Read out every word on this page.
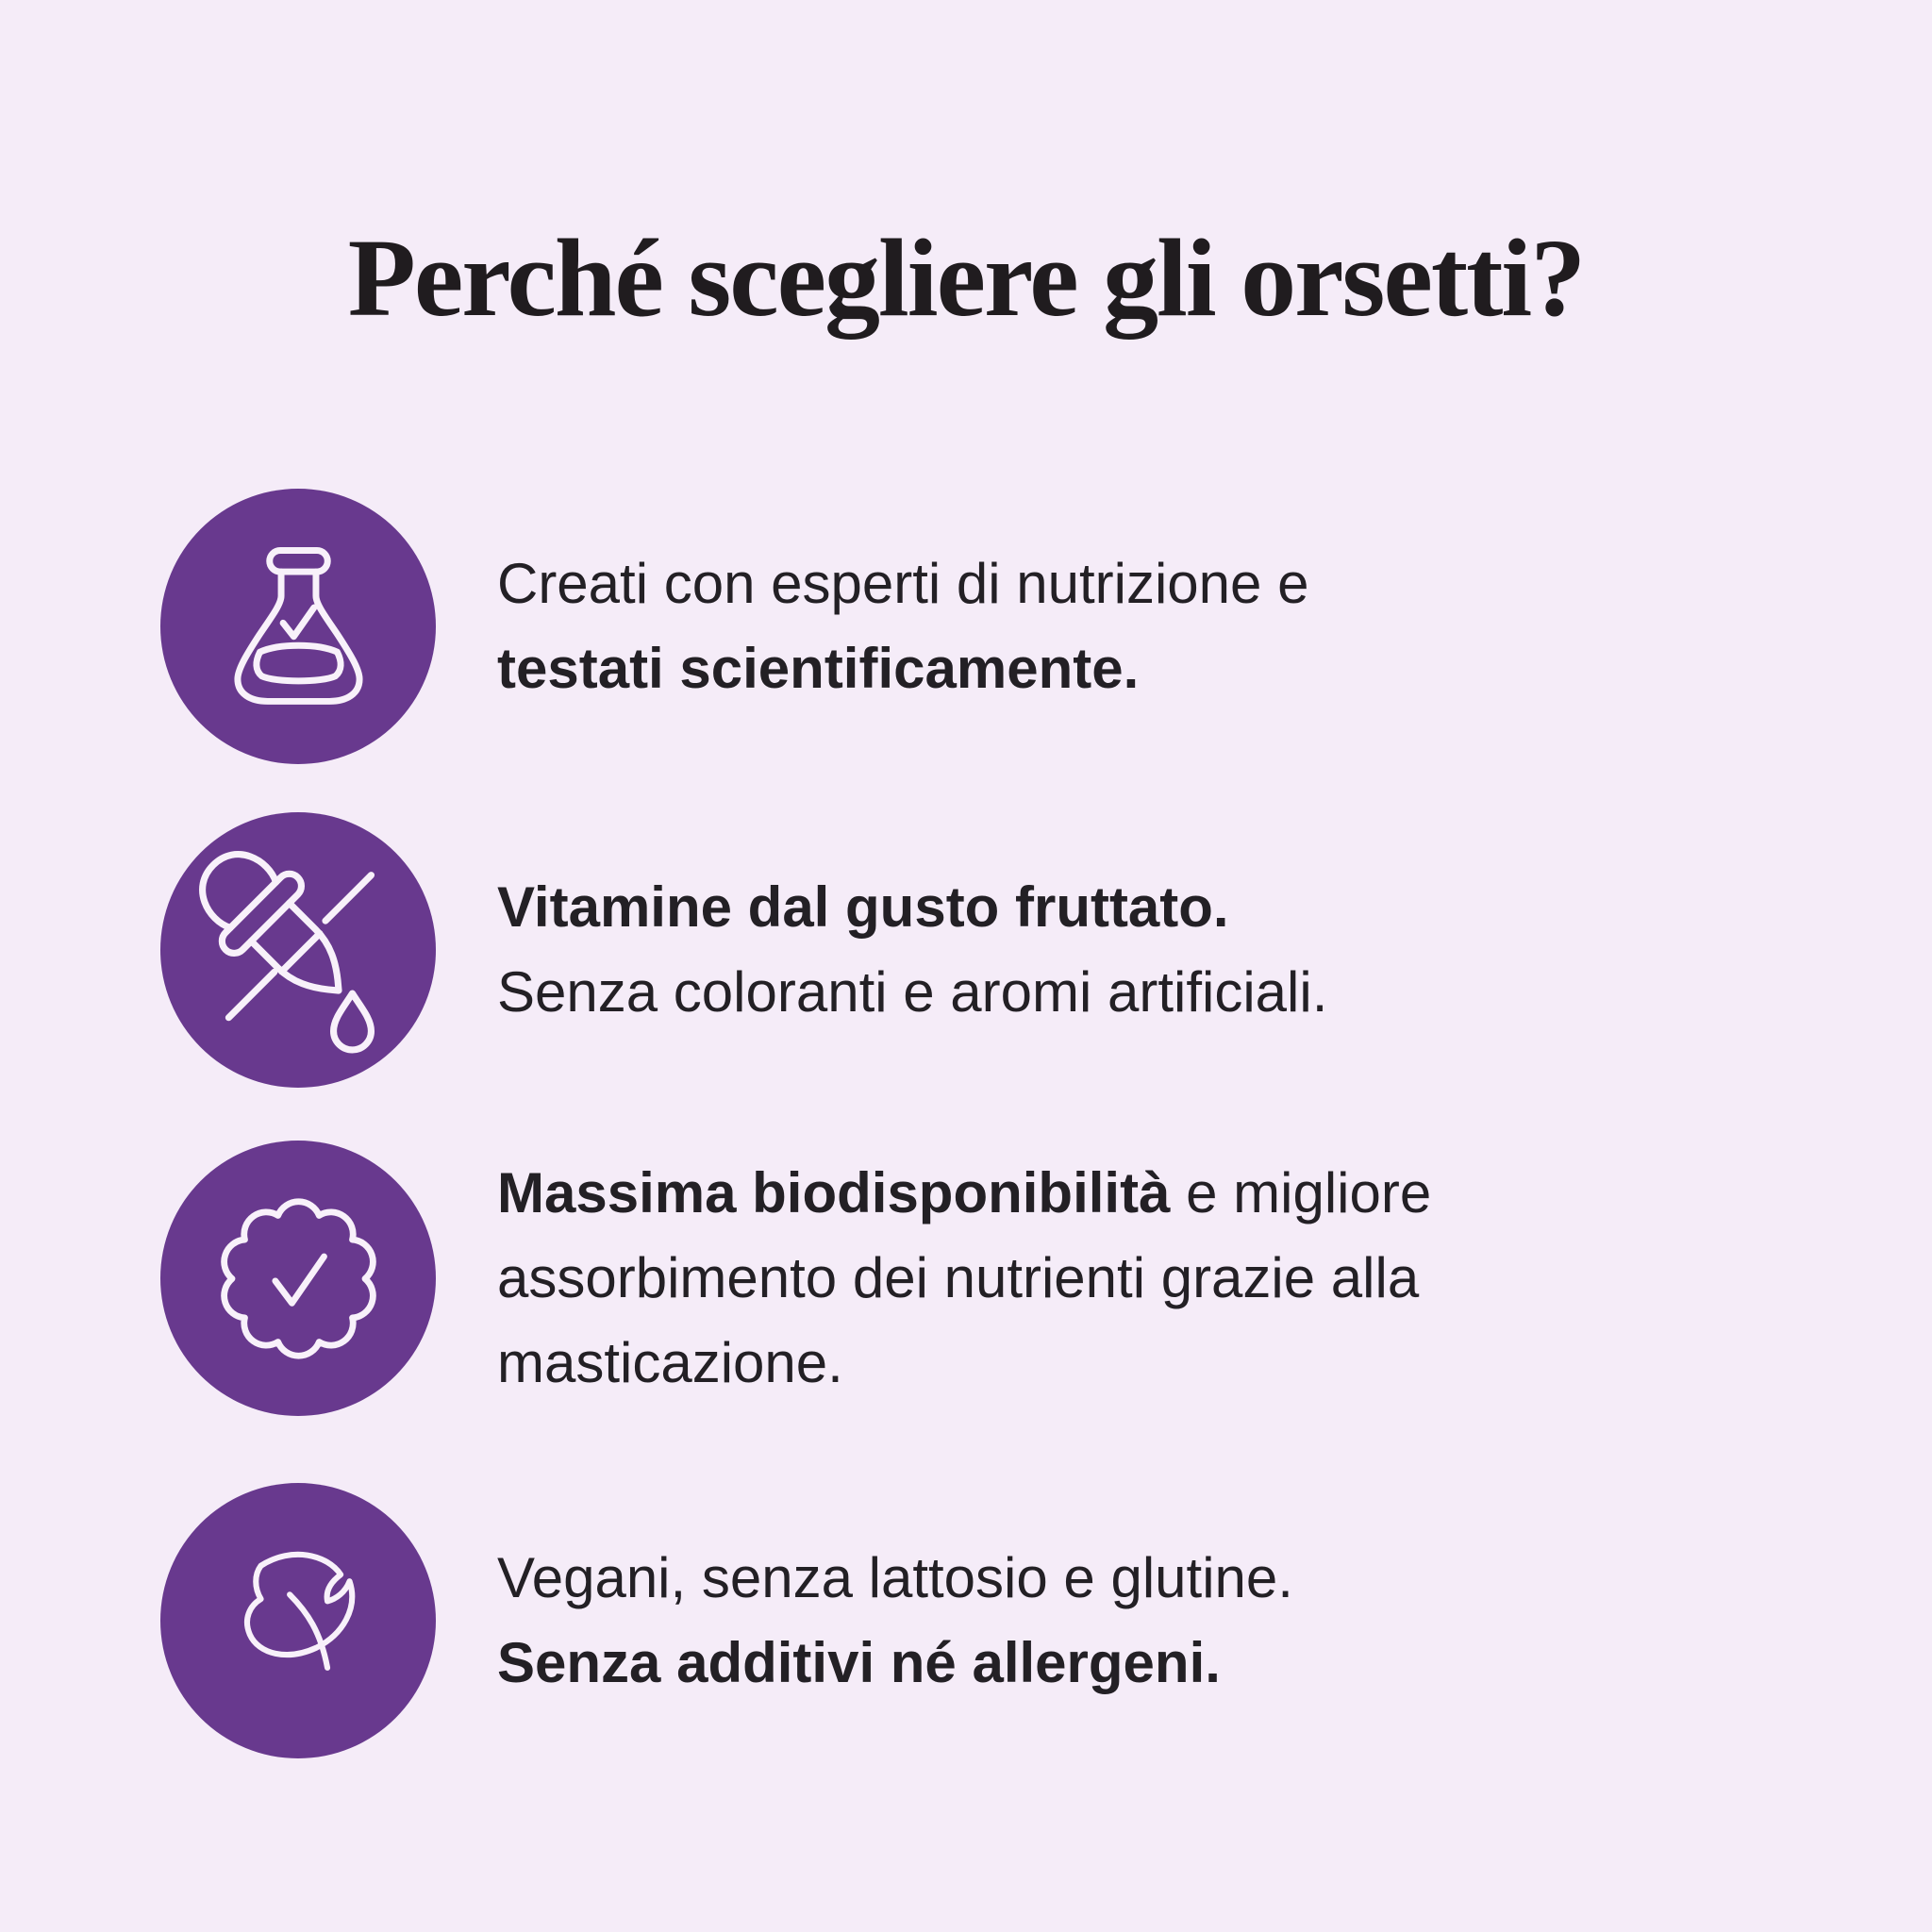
Perché scegliere gli orsetti?

Creati con esperti di nutrizione e
testati scientificamente.

Vitamine dal gusto fruttato.
Senza coloranti e aromi artificiali.

Massima biodisponibilità e migliore
assorbimento dei nutrienti grazie alla
masticazione.

Vegani, senza lattosio e glutine.
Senza additivi né allergeni.
